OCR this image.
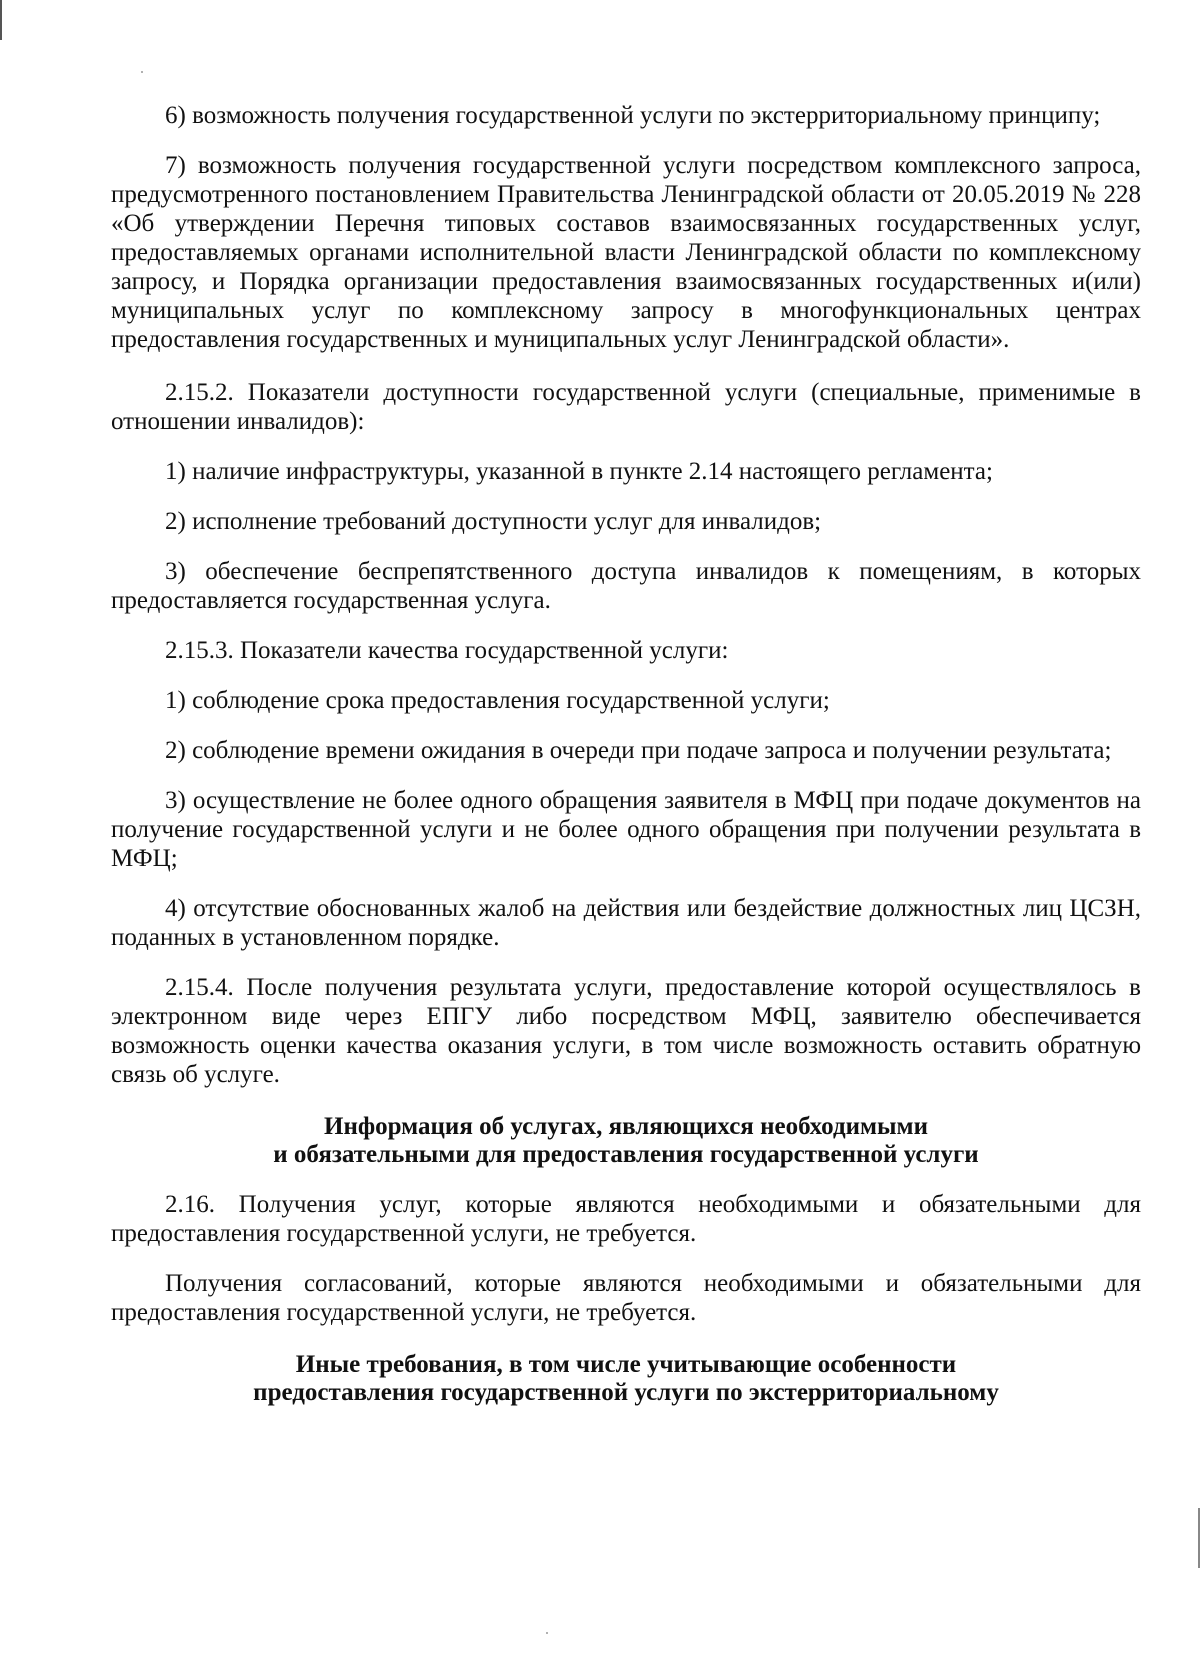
6) возможность получения государственной услуги по экстерриториальному принципу;

7) возможность получения государственной услуги посредством комплексного запроса, предусмотренного постановлением Правительства Ленинградской области от 20.05.2019 № 228 «Об утверждении Перечня типовых составов взаимосвязанных государственных услуг, предоставляемых органами исполнительной власти Ленинградской области по комплексному запросу, и Порядка организации предоставления взаимосвязанных государственных и(или) муниципальных услуг по комплексному запросу в многофункциональных центрах предоставления государственных и муниципальных услуг Ленинградской области».

2.15.2. Показатели доступности государственной услуги (специальные, применимые в отношении инвалидов):

1) наличие инфраструктуры, указанной в пункте 2.14 настоящего регламента;

2) исполнение требований доступности услуг для инвалидов;

3) обеспечение беспрепятственного доступа инвалидов к помещениям, в которых предоставляется государственная услуга.

2.15.3. Показатели качества государственной услуги:

1) соблюдение срока предоставления государственной услуги;

2) соблюдение времени ожидания в очереди при подаче запроса и получении результата;

3) осуществление не более одного обращения заявителя в МФЦ при подаче документов на получение государственной услуги и не более одного обращения при получении результата в МФЦ;

4) отсутствие обоснованных жалоб на действия или бездействие должностных лиц ЦСЗН, поданных в установленном порядке.

2.15.4. После получения результата услуги, предоставление которой осуществлялось в электронном виде через ЕПГУ либо посредством МФЦ, заявителю обеспечивается возможность оценки качества оказания услуги, в том числе возможность оставить обратную связь об услуге.

Информация об услугах, являющихся необходимыми
и обязательными для предоставления государственной услуги

2.16. Получения услуг, которые являются необходимыми и обязательными для предоставления государственной услуги, не требуется.

Получения согласований, которые являются необходимыми и обязательными для предоставления государственной услуги, не требуется.

Иные требования, в том числе учитывающие особенности
предоставления государственной услуги по экстерриториальному
